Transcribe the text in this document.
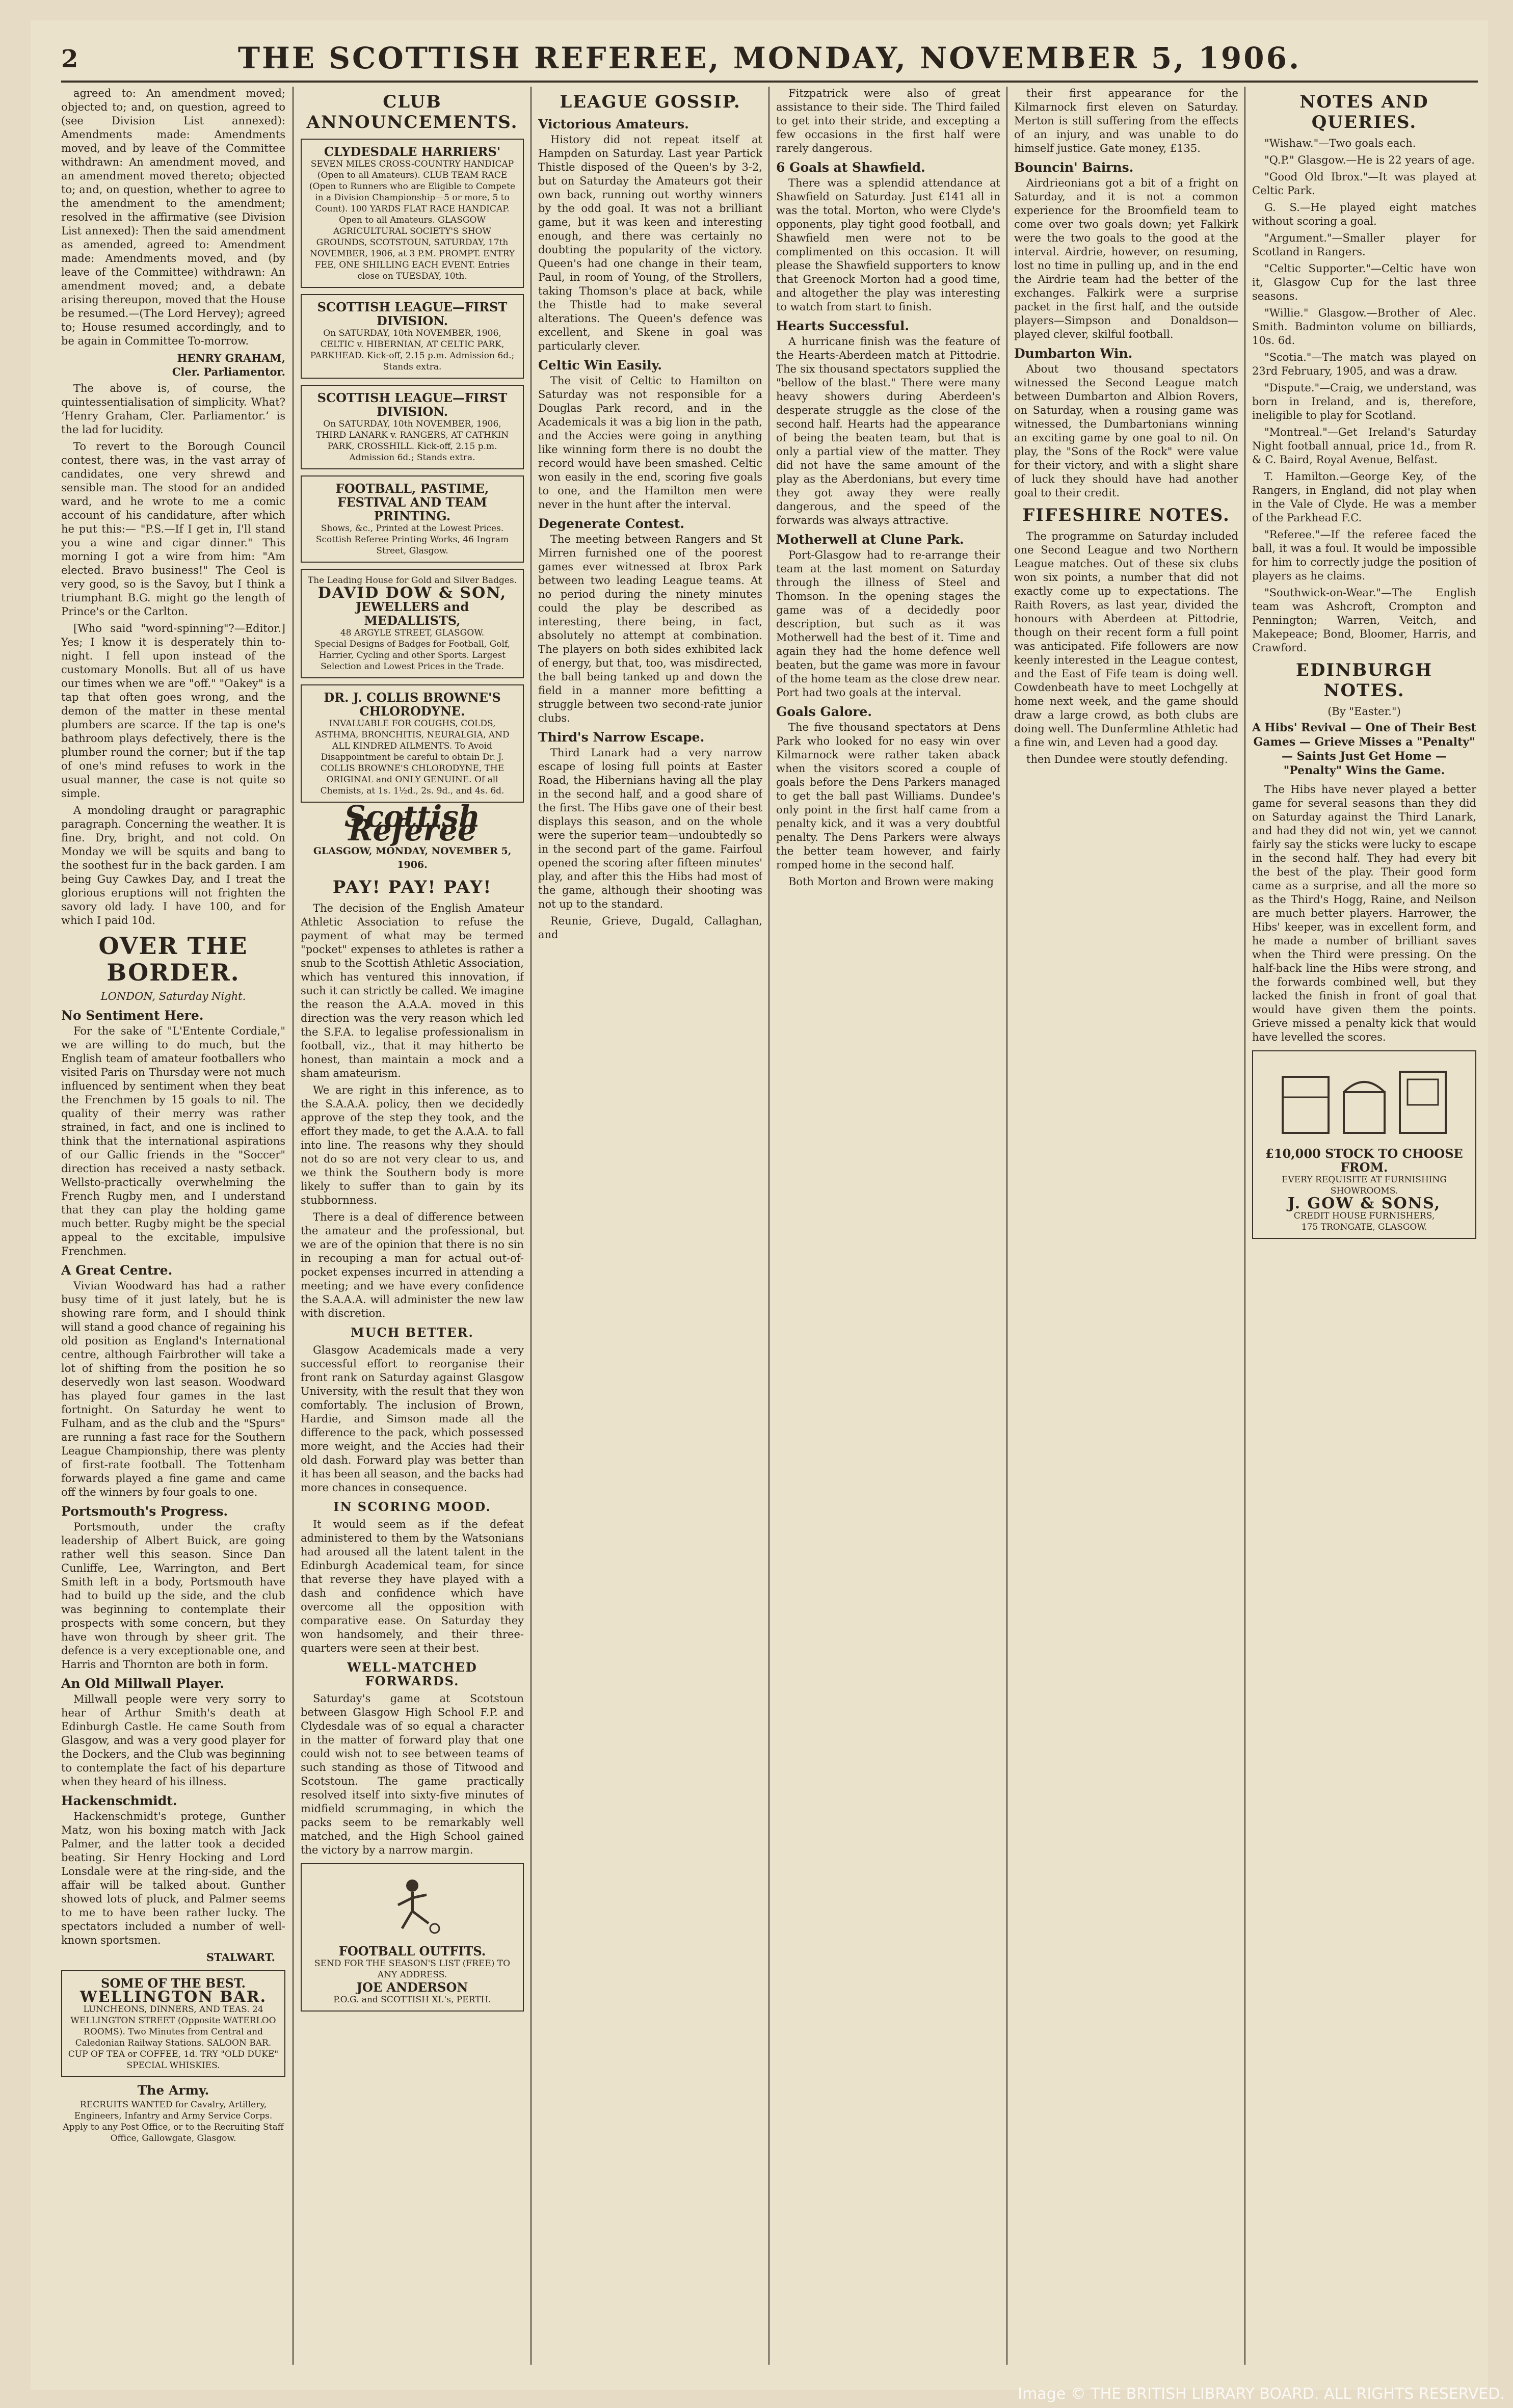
2	THE SCOTTISH REFEREE, MONDAY, NOVEMBER 5, 1906.

agreed to: An amendment moved; objected to; and, on question, agreed to (see Division List annexed): Amendments made: Amendments moved, and by leave of the Committee withdrawn: An amendment moved, and an amendment moved thereto; objected to; and, on question, whether to agree to the amendment to the amendment; resolved in the affirmative (see Division List annexed): Then the said amendment as amended, agreed to: Amendment made: Amendments moved, and (by leave of the Committee) withdrawn: An amendment moved; and, a debate arising thereupon, moved that the House be resumed.—(The Lord Hervey); agreed to; House resumed accordingly, and to be again in Committee To-morrow.

HENRY GRAHAM,
Cler. Parliamentor.

The above is, of course, the quintessentialisation of simplicity. What? ‘Henry Graham, Cler. Parliamentor.’ is the lad for lucidity.

To revert to the Borough Council contest, there was, in the vast array of candidates, one very shrewd and sensible man. The stood for an andided ward, and he wrote to me a comic account of his candidature, after which he put this:— "P.S.—If I get in, I'll stand you a wine and cigar dinner." This morning I got a wire from him: "Am elected. Bravo business!" The Ceol is very good, so is the Savoy, but I think a triumphant B.G. might go the length of Prince's or the Carlton.

[Who said "word-spinning"?—Editor.] Yes; I know it is desperately thin to-night. I fell upon instead of the customary Monolls. But all of us have our times when we are "off." "Oakey" is a tap that often goes wrong, and the demon of the matter in these mental plumbers are scarce. If the tap is one's bathroom plays defectively, there is the plumber round the corner; but if the tap of one's mind refuses to work in the usual manner, the case is not quite so simple.

A mondoling draught or paragraphic paragraph. Concerning the weather. It is fine. Dry, bright, and not cold. On Monday we will be squits and bang to the soothest fur in the back garden. I am being Guy Cawkes Day, and I treat the glorious eruptions will not frighten the savory old lady. I have 100, and for which I paid 10d.

OVER THE BORDER.
LONDON, Saturday Night.
No Sentiment Here.

For the sake of "L'Entente Cordiale," we are willing to do much, but the English team of amateur footballers who visited Paris on Thursday were not much influenced by sentiment when they beat the Frenchmen by 15 goals to nil. The quality of their merry was rather strained, in fact, and one is inclined to think that the international aspirations of our Gallic friends in the "Soccer" direction has received a nasty setback. Wellsto-practically overwhelming the French Rugby men, and I understand that they can play the holding game much better. Rugby might be the special appeal to the excitable, impulsive Frenchmen.

A Great Centre.

Vivian Woodward has had a rather busy time of it just lately, but he is showing rare form, and I should think will stand a good chance of regaining his old position as England's International centre, although Fairbrother will take a lot of shifting from the position he so deservedly won last season. Woodward has played four games in the last fortnight. On Saturday he went to Fulham, and as the club and the "Spurs" are running a fast race for the Southern League Championship, there was plenty of first-rate football. The Tottenham forwards played a fine game and came off the winners by four goals to one.

Portsmouth's Progress.

Portsmouth, under the crafty leadership of Albert Buick, are going rather well this season. Since Dan Cunliffe, Lee, Warrington, and Bert Smith left in a body, Portsmouth have had to build up the side, and the club was beginning to contemplate their prospects with some concern, but they have won through by sheer grit. The defence is a very exceptionable one, and Harris and Thornton are both in form.

An Old Millwall Player.

Millwall people were very sorry to hear of Arthur Smith's death at Edinburgh Castle. He came South from Glasgow, and was a very good player for the Dockers, and the Club was beginning to contemplate the fact of his departure when they heard of his illness.

Hackenschmidt.

Hackenschmidt's protege, Gunther Matz, won his boxing match with Jack Palmer, and the latter took a decided beating. Sir Henry Hocking and Lord Lonsdale were at the ring-side, and the affair will be talked about. Gunther showed lots of pluck, and Palmer seems to me to have been rather lucky. The spectators included a number of well-known sportsmen.

STALWART.
SOME OF THE BEST.
WELLINGTON BAR.
LUNCHEONS, DINNERS, AND TEAS. 24 WELLINGTON STREET (Opposite WATERLOO ROOMS). Two Minutes from Central and Caledonian Railway Stations. SALOON BAR. CUP OF TEA or COFFEE, 1d. TRY "OLD DUKE" SPECIAL WHISKIES.
The Army.
RECRUITS WANTED for Cavalry, Artillery, Engineers, Infantry and Army Service Corps. Apply to any Post Office, or to the Recruiting Staff Office, Gallowgate, Glasgow.
CLUB ANNOUNCEMENTS.
CLYDESDALE HARRIERS'
SEVEN MILES CROSS-COUNTRY HANDICAP (Open to all Amateurs). CLUB TEAM RACE (Open to Runners who are Eligible to Compete in a Division Championship—5 or more, 5 to Count). 100 YARDS FLAT RACE HANDICAP. Open to all Amateurs. GLASGOW AGRICULTURAL SOCIETY'S SHOW GROUNDS, SCOTSTOUN, SATURDAY, 17th NOVEMBER, 1906, at 3 P.M. PROMPT. ENTRY FEE, ONE SHILLING EACH EVENT. Entries close on TUESDAY, 10th.
SCOTTISH LEAGUE—FIRST DIVISION.
On SATURDAY, 10th NOVEMBER, 1906, CELTIC v. HIBERNIAN, AT CELTIC PARK, PARKHEAD. Kick-off, 2.15 p.m. Admission 6d.; Stands extra.
SCOTTISH LEAGUE—FIRST DIVISION.
On SATURDAY, 10th NOVEMBER, 1906, THIRD LANARK v. RANGERS, AT CATHKIN PARK, CROSSHILL. Kick-off, 2.15 p.m. Admission 6d.; Stands extra.
FOOTBALL, PASTIME, FESTIVAL AND TEAM PRINTING.
Shows, &c., Printed at the Lowest Prices. Scottish Referee Printing Works, 46 Ingram Street, Glasgow.
The Leading House for Gold and Silver Badges.
DAVID DOW & SON,
JEWELLERS and MEDALLISTS,
48 ARGYLE STREET, GLASGOW.
Special Designs of Badges for Football, Golf, Harrier, Cycling and other Sports. Largest Selection and Lowest Prices in the Trade.
DR. J. COLLIS BROWNE'S CHLORODYNE.
INVALUABLE FOR COUGHS, COLDS, ASTHMA, BRONCHITIS, NEURALGIA, AND ALL KINDRED AILMENTS. To Avoid Disappointment be careful to obtain Dr. J. COLLIS BROWNE'S CHLORODYNE, THE ORIGINAL and ONLY GENUINE. Of all Chemists, at 1s. 1½d., 2s. 9d., and 4s. 6d.
Scottish Referee
GLASGOW, MONDAY, NOVEMBER 5, 1906.
PAY! PAY! PAY!

The decision of the English Amateur Athletic Association to refuse the payment of what may be termed "pocket" expenses to athletes is rather a snub to the Scottish Athletic Association, which has ventured this innovation, if such it can strictly be called. We imagine the reason the A.A.A. moved in this direction was the very reason which led the S.F.A. to legalise professionalism in football, viz., that it may hitherto be honest, than maintain a mock and a sham amateurism.

We are right in this inference, as to the S.A.A.A. policy, then we decidedly approve of the step they took, and the effort they made, to get the A.A.A. to fall into line. The reasons why they should not do so are not very clear to us, and we think the Southern body is more likely to suffer than to gain by its stubbornness.

There is a deal of difference between the amateur and the professional, but we are of the opinion that there is no sin in recouping a man for actual out-of-pocket expenses incurred in attending a meeting; and we have every confidence the S.A.A.A. will administer the new law with discretion.

MUCH BETTER.

Glasgow Academicals made a very successful effort to reorganise their front rank on Saturday against Glasgow University, with the result that they won comfortably. The inclusion of Brown, Hardie, and Simson made all the difference to the pack, which possessed more weight, and the Accies had their old dash. Forward play was better than it has been all season, and the backs had more chances in consequence.

IN SCORING MOOD.

It would seem as if the defeat administered to them by the Watsonians had aroused all the latent talent in the Edinburgh Academical team, for since that reverse they have played with a dash and confidence which have overcome all the opposition with comparative ease. On Saturday they won handsomely, and their three-quarters were seen at their best.

WELL-MATCHED FORWARDS.

Saturday's game at Scotstoun between Glasgow High School F.P. and Clydesdale was of so equal a character in the matter of forward play that one could wish not to see between teams of such standing as those of Titwood and Scotstoun. The game practically resolved itself into sixty-five minutes of midfield scrummaging, in which the packs seem to be remarkably well matched, and the High School gained the victory by a narrow margin.

FOOTBALL OUTFITS.
SEND FOR THE SEASON'S LIST (FREE) TO ANY ADDRESS.
JOE ANDERSON
P.O.G. and SCOTTISH XI.'s, PERTH.
LEAGUE GOSSIP.
Victorious Amateurs.

History did not repeat itself at Hampden on Saturday. Last year Partick Thistle disposed of the Queen's by 3-2, but on Saturday the Amateurs got their own back, running out worthy winners by the odd goal. It was not a brilliant game, but it was keen and interesting enough, and there was certainly no doubting the popularity of the victory. Queen's had one change in their team, Paul, in room of Young, of the Strollers, taking Thomson's place at back, while the Thistle had to make several alterations. The Queen's defence was excellent, and Skene in goal was particularly clever.

Celtic Win Easily.

The visit of Celtic to Hamilton on Saturday was not responsible for a Douglas Park record, and in the Academicals it was a big lion in the path, and the Accies were going in anything like winning form there is no doubt the record would have been smashed. Celtic won easily in the end, scoring five goals to one, and the Hamilton men were never in the hunt after the interval.

Degenerate Contest.

The meeting between Rangers and St Mirren furnished one of the poorest games ever witnessed at Ibrox Park between two leading League teams. At no period during the ninety minutes could the play be described as interesting, there being, in fact, absolutely no attempt at combination. The players on both sides exhibited lack of energy, but that, too, was misdirected, the ball being tanked up and down the field in a manner more befitting a struggle between two second-rate junior clubs.

Third's Narrow Escape.

Third Lanark had a very narrow escape of losing full points at Easter Road, the Hibernians having all the play in the second half, and a good share of the first. The Hibs gave one of their best displays this season, and on the whole were the superior team—undoubtedly so in the second part of the game. Fairfoul opened the scoring after fifteen minutes' play, and after this the Hibs had most of the game, although their shooting was not up to the standard.

Reunie, Grieve, Dugald, Callaghan, and

Fitzpatrick were also of great assistance to their side. The Third failed to get into their stride, and excepting a few occasions in the first half were rarely dangerous.

6 Goals at Shawfield.

There was a splendid attendance at Shawfield on Saturday. Just £141 all in was the total. Morton, who were Clyde's opponents, play tight good football, and Shawfield men were not to be complimented on this occasion. It will please the Shawfield supporters to know that Greenock Morton had a good time, and altogether the play was interesting to watch from start to finish.

Hearts Successful.

A hurricane finish was the feature of the Hearts-Aberdeen match at Pittodrie. The six thousand spectators supplied the "bellow of the blast." There were many heavy showers during Aberdeen's desperate struggle as the close of the second half. Hearts had the appearance of being the beaten team, but that is only a partial view of the matter. They did not have the same amount of the play as the Aberdonians, but every time they got away they were really dangerous, and the speed of the forwards was always attractive.

Motherwell at Clune Park.

Port-Glasgow had to re-arrange their team at the last moment on Saturday through the illness of Steel and Thomson. In the opening stages the game was of a decidedly poor description, but such as it was Motherwell had the best of it. Time and again they had the home defence well beaten, but the game was more in favour of the home team as the close drew near. Port had two goals at the interval.

Goals Galore.

The five thousand spectators at Dens Park who looked for no easy win over Kilmarnock were rather taken aback when the visitors scored a couple of goals before the Dens Parkers managed to get the ball past Williams. Dundee's only point in the first half came from a penalty kick, and it was a very doubtful penalty. The Dens Parkers were always the better team however, and fairly romped home in the second half.

Both Morton and Brown were making

their first appearance for the Kilmarnock first eleven on Saturday. Merton is still suffering from the effects of an injury, and was unable to do himself justice. Gate money, £135.

Bouncin' Bairns.

Airdrieonians got a bit of a fright on Saturday, and it is not a common experience for the Broomfield team to come over two goals down; yet Falkirk were the two goals to the good at the interval. Airdrie, however, on resuming, lost no time in pulling up, and in the end the Airdrie team had the better of the exchanges. Falkirk were a surprise packet in the first half, and the outside players—Simpson and Donaldson—played clever, skilful football.

Dumbarton Win.

About two thousand spectators witnessed the Second League match between Dumbarton and Albion Rovers, on Saturday, when a rousing game was witnessed, the Dumbartonians winning an exciting game by one goal to nil. On play, the "Sons of the Rock" were value for their victory, and with a slight share of luck they should have had another goal to their credit.

FIFESHIRE NOTES.

The programme on Saturday included one Second League and two Northern League matches. Out of these six clubs won six points, a number that did not exactly come up to expectations. The Raith Rovers, as last year, divided the honours with Aberdeen at Pittodrie, though on their recent form a full point was anticipated. Fife followers are now keenly interested in the League contest, and the East of Fife team is doing well. Cowdenbeath have to meet Lochgelly at home next week, and the game should draw a large crowd, as both clubs are doing well. The Dunfermline Athletic had a fine win, and Leven had a good day.

then Dundee were stoutly defending.

NOTES AND QUERIES.

"Wishaw."—Two goals each.

"Q.P." Glasgow.—He is 22 years of age.

"Good Old Ibrox."—It was played at Celtic Park.

G. S.—He played eight matches without scoring a goal.

"Argument."—Smaller player for Scotland in Rangers.

"Celtic Supporter."—Celtic have won it, Glasgow Cup for the last three seasons.

"Willie." Glasgow.—Brother of Alec. Smith. Badminton volume on billiards, 10s. 6d.

"Scotia."—The match was played on 23rd February, 1905, and was a draw.

"Dispute."—Craig, we understand, was born in Ireland, and is, therefore, ineligible to play for Scotland.

"Montreal."—Get Ireland's Saturday Night football annual, price 1d., from R. & C. Baird, Royal Avenue, Belfast.

T. Hamilton.—George Key, of the Rangers, in England, did not play when in the Vale of Clyde. He was a member of the Parkhead F.C.

"Referee."—If the referee faced the ball, it was a foul. It would be impossible for him to correctly judge the position of players as he claims.

"Southwick-on-Wear."—The English team was Ashcroft, Crompton and Pennington; Warren, Veitch, and Makepeace; Bond, Bloomer, Harris, and Crawford.

EDINBURGH NOTES.
(By "Easter.")
A Hibs' Revival — One of Their Best Games — Grieve Misses a "Penalty" — Saints Just Get Home — "Penalty" Wins the Game.

The Hibs have never played a better game for several seasons than they did on Saturday against the Third Lanark, and had they did not win, yet we cannot fairly say the sticks were lucky to escape in the second half. They had every bit the best of the play. Their good form came as a surprise, and all the more so as the Third's Hogg, Raine, and Neilson are much better players. Harrower, the Hibs' keeper, was in excellent form, and he made a number of brilliant saves when the Third were pressing. On the half-back line the Hibs were strong, and the forwards combined well, but they lacked the finish in front of goal that would have given them the points. Grieve missed a penalty kick that would have levelled the scores.

£10,000 STOCK TO CHOOSE FROM.
EVERY REQUISITE AT FURNISHING SHOWROOMS.
J. GOW & SONS,
CREDIT HOUSE FURNISHERS,
175 TRONGATE, GLASGOW.
Image © THE BRITISH LIBRARY BOARD. ALL RIGHTS RESERVED.
